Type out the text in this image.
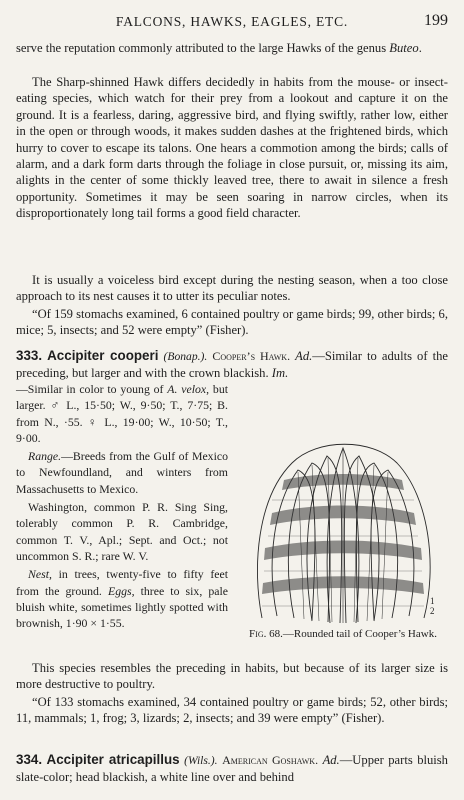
FALCONS, HAWKS, EAGLES, ETC.	199

serve the reputation commonly attributed to the large Hawks of the genus Buteo.

The Sharp-shinned Hawk differs decidedly in habits from the mouse- or insect-eating species, which watch for their prey from a lookout and capture it on the ground. It is a fearless, daring, aggressive bird, and flying swiftly, rather low, either in the open or through woods, it makes sudden dashes at the frightened birds, which hurry to cover to escape its talons. One hears a commotion among the birds; calls of alarm, and a dark form darts through the foliage in close pursuit, or, missing its aim, alights in the center of some thickly leaved tree, there to await in silence a fresh opportunity. Sometimes it may be seen soaring in narrow circles, when its disproportionately long tail forms a good field character.

It is usually a voiceless bird except during the nesting season, when a too close approach to its nest causes it to utter its peculiar notes.

“Of 159 stomachs examined, 6 contained poultry or game birds; 99, other birds; 6, mice; 5, insects; and 52 were empty” (Fisher).

333. Accipiter cooperi (Bonap.). Cooper’s Hawk. Ad.—Similar to adults of the preceding, but larger and with the crown blackish. Im.

—Similar in color to young of A. velox, but larger. ♂ L., 15·50; W., 9·50; T., 7·75; B. from N., ·55. ♀ L., 19·00; W., 10·50; T., 9·00.

Range.—Breeds from the Gulf of Mexico to Newfoundland, and winters from Massachusetts to Mexico.

Washington, common P. R. Sing Sing, tolerably common P. R. Cambridge, common T. V., Apl.; Sept. and Oct.; not uncommon S. R.; rare W. V.

Nest, in trees, twenty-five to fifty feet from the ground. Eggs, three to six, pale bluish white, sometimes lightly spotted with brownish, 1·90 × 1·55.

1
2
Fig. 68.—Rounded tail of Cooper’s Hawk.

This species resembles the preceding in habits, but because of its larger size is more destructive to poultry.

“Of 133 stomachs examined, 34 contained poultry or game birds; 52, other birds; 11, mammals; 1, frog; 3, lizards; 2, insects; and 39 were empty” (Fisher).

334. Accipiter atricapillus (Wils.). American Goshawk. Ad.—Upper parts bluish slate-color; head blackish, a white line over and behind
